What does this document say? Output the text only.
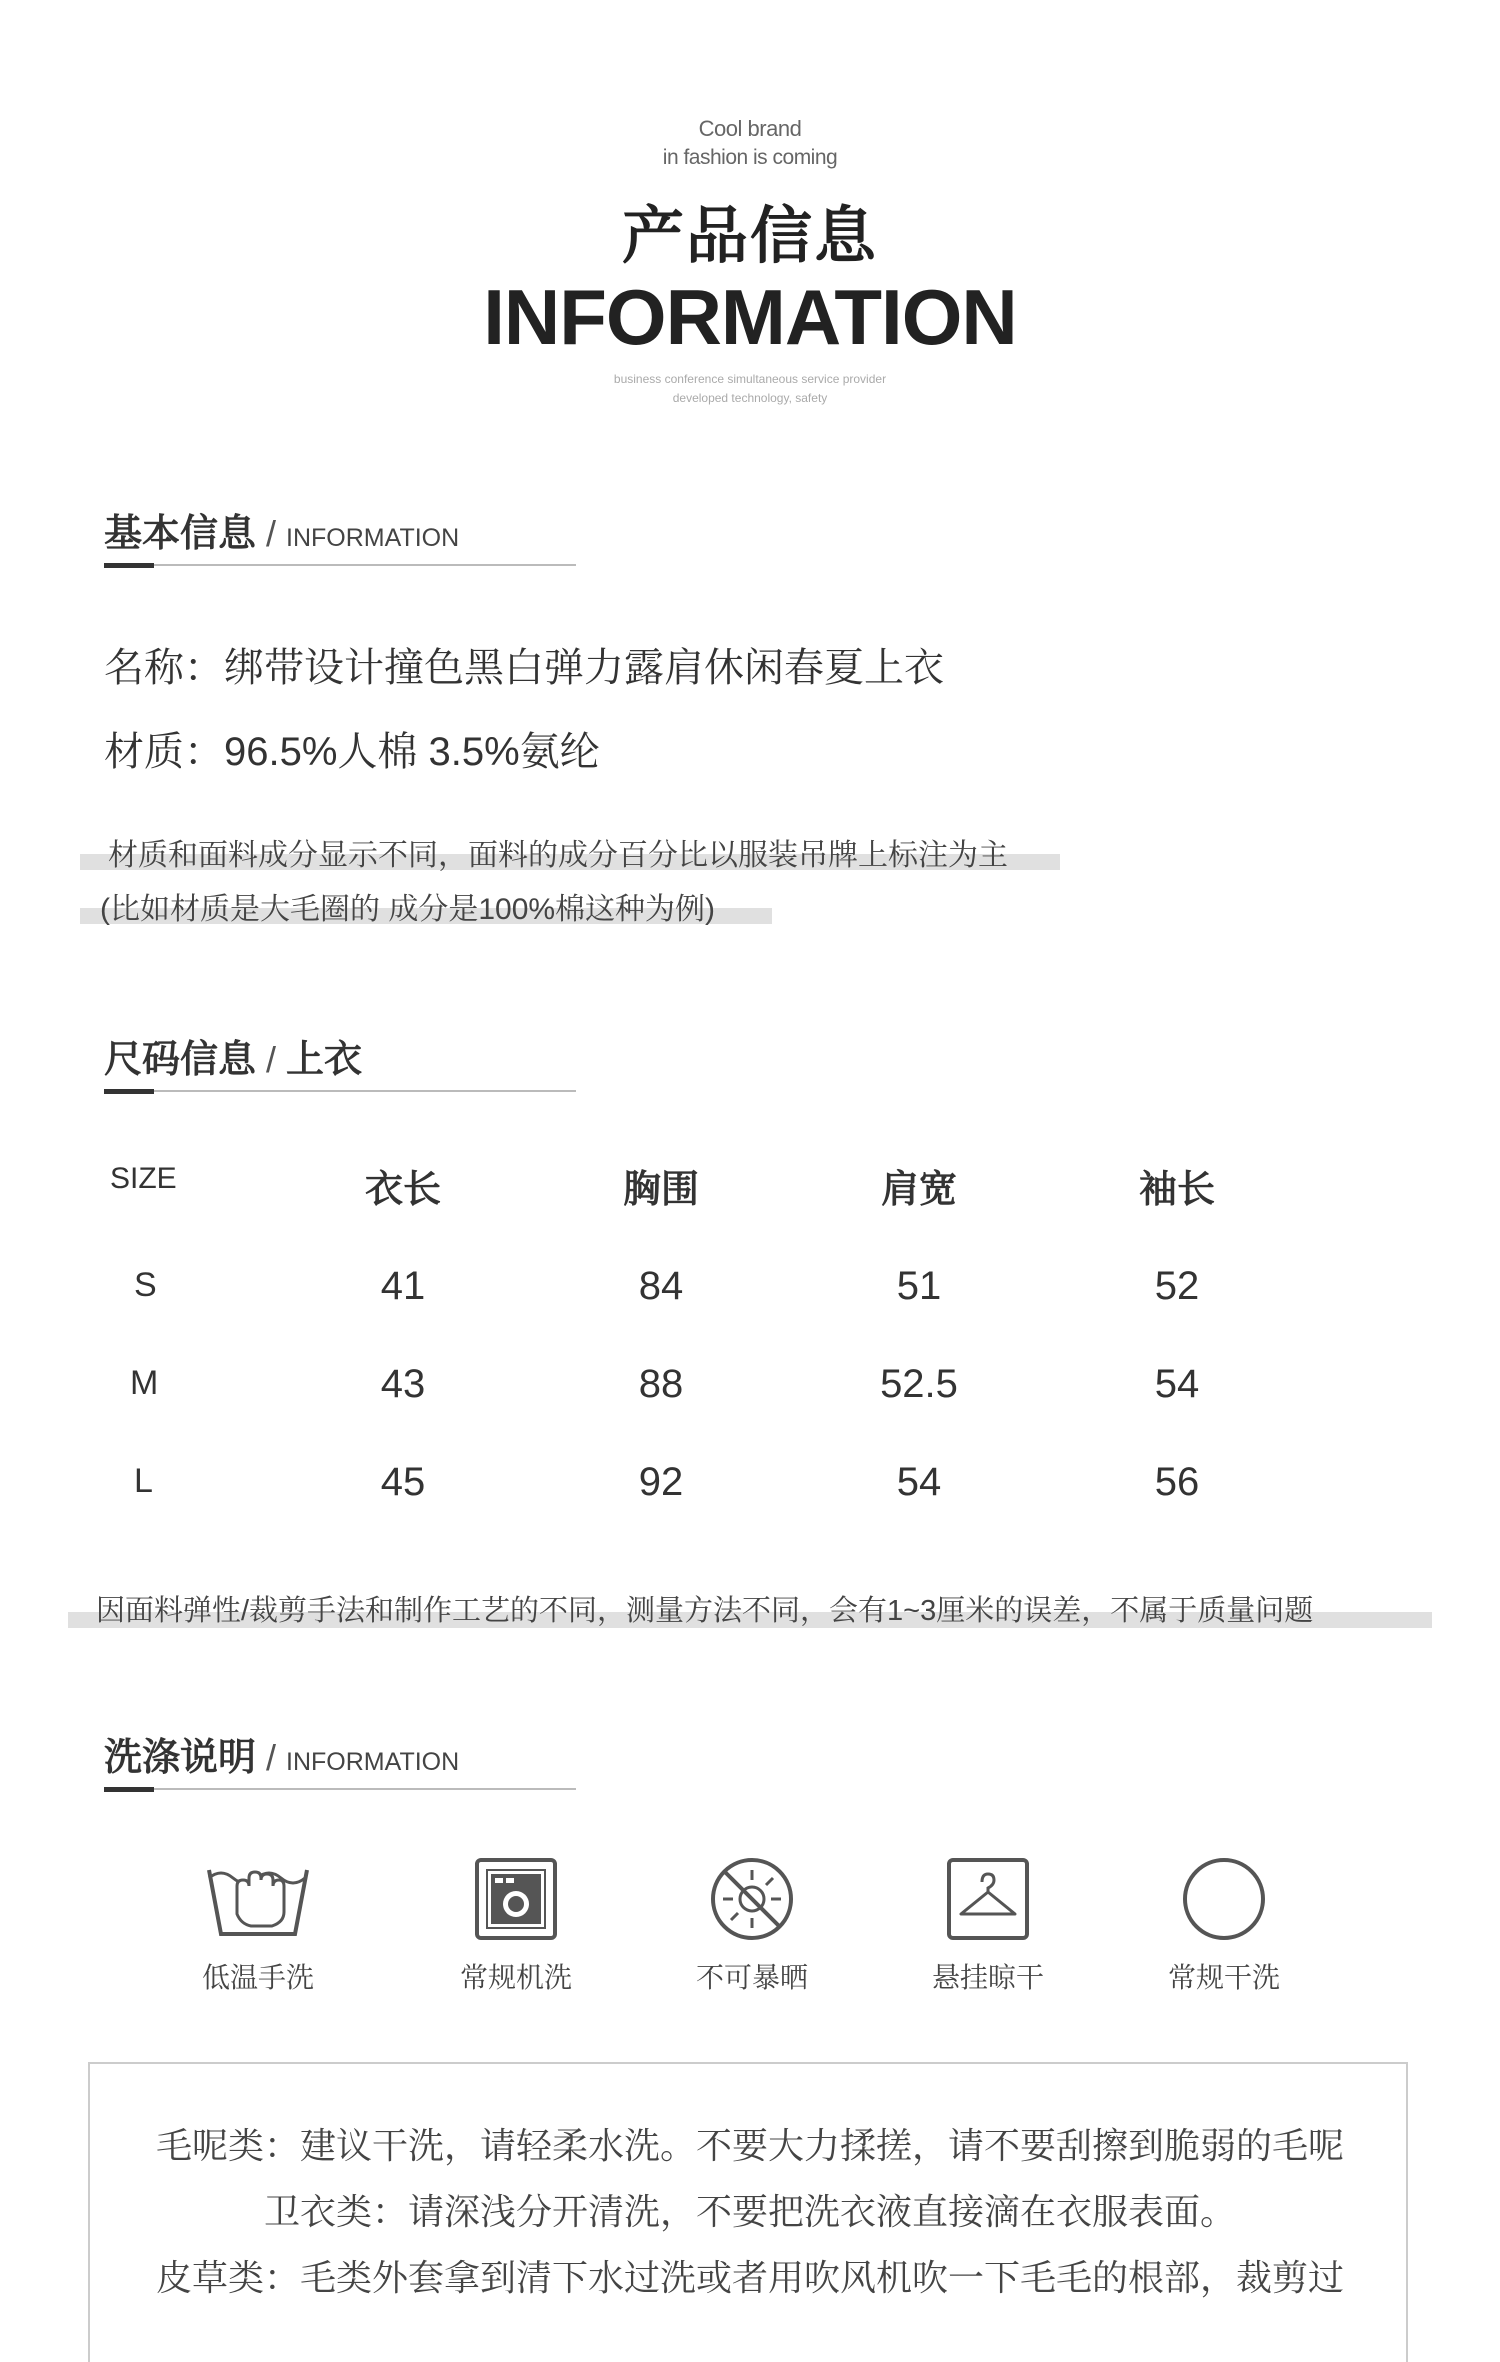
Cool brand
in fashion is coming
产品信息
INFORMATION
business conference simultaneous service provider
developed technology, safety
基本信息 / INFORMATION
名称：绑带设计撞色黑白弹力露肩休闲春夏上衣
材质：96.5%人棉 3.5%氨纶
材质和面料成分显示不同，面料的成分百分比以服装吊牌上标注为主
(比如材质是大毛圈的 成分是100%棉这种为例)
尺码信息 / 上衣
SIZE	衣长	胸围	肩宽	袖长
S	41	84	51	52
M	43	88	52.5	54
L	45	92	54	56
因面料弹性/裁剪手法和制作工艺的不同，测量方法不同，会有1~3厘米的误差，不属于质量问题
洗涤说明 / INFORMATION
低温手洗	常规机洗	不可暴晒	悬挂晾干	常规干洗
毛呢类：建议干洗，请轻柔水洗。不要大力揉搓，请不要刮擦到脆弱的毛呢
卫衣类：请深浅分开清洗，不要把洗衣液直接滴在衣服表面。
皮草类：毛类外套拿到清下水过洗或者用吹风机吹一下毛毛的根部，裁剪过
